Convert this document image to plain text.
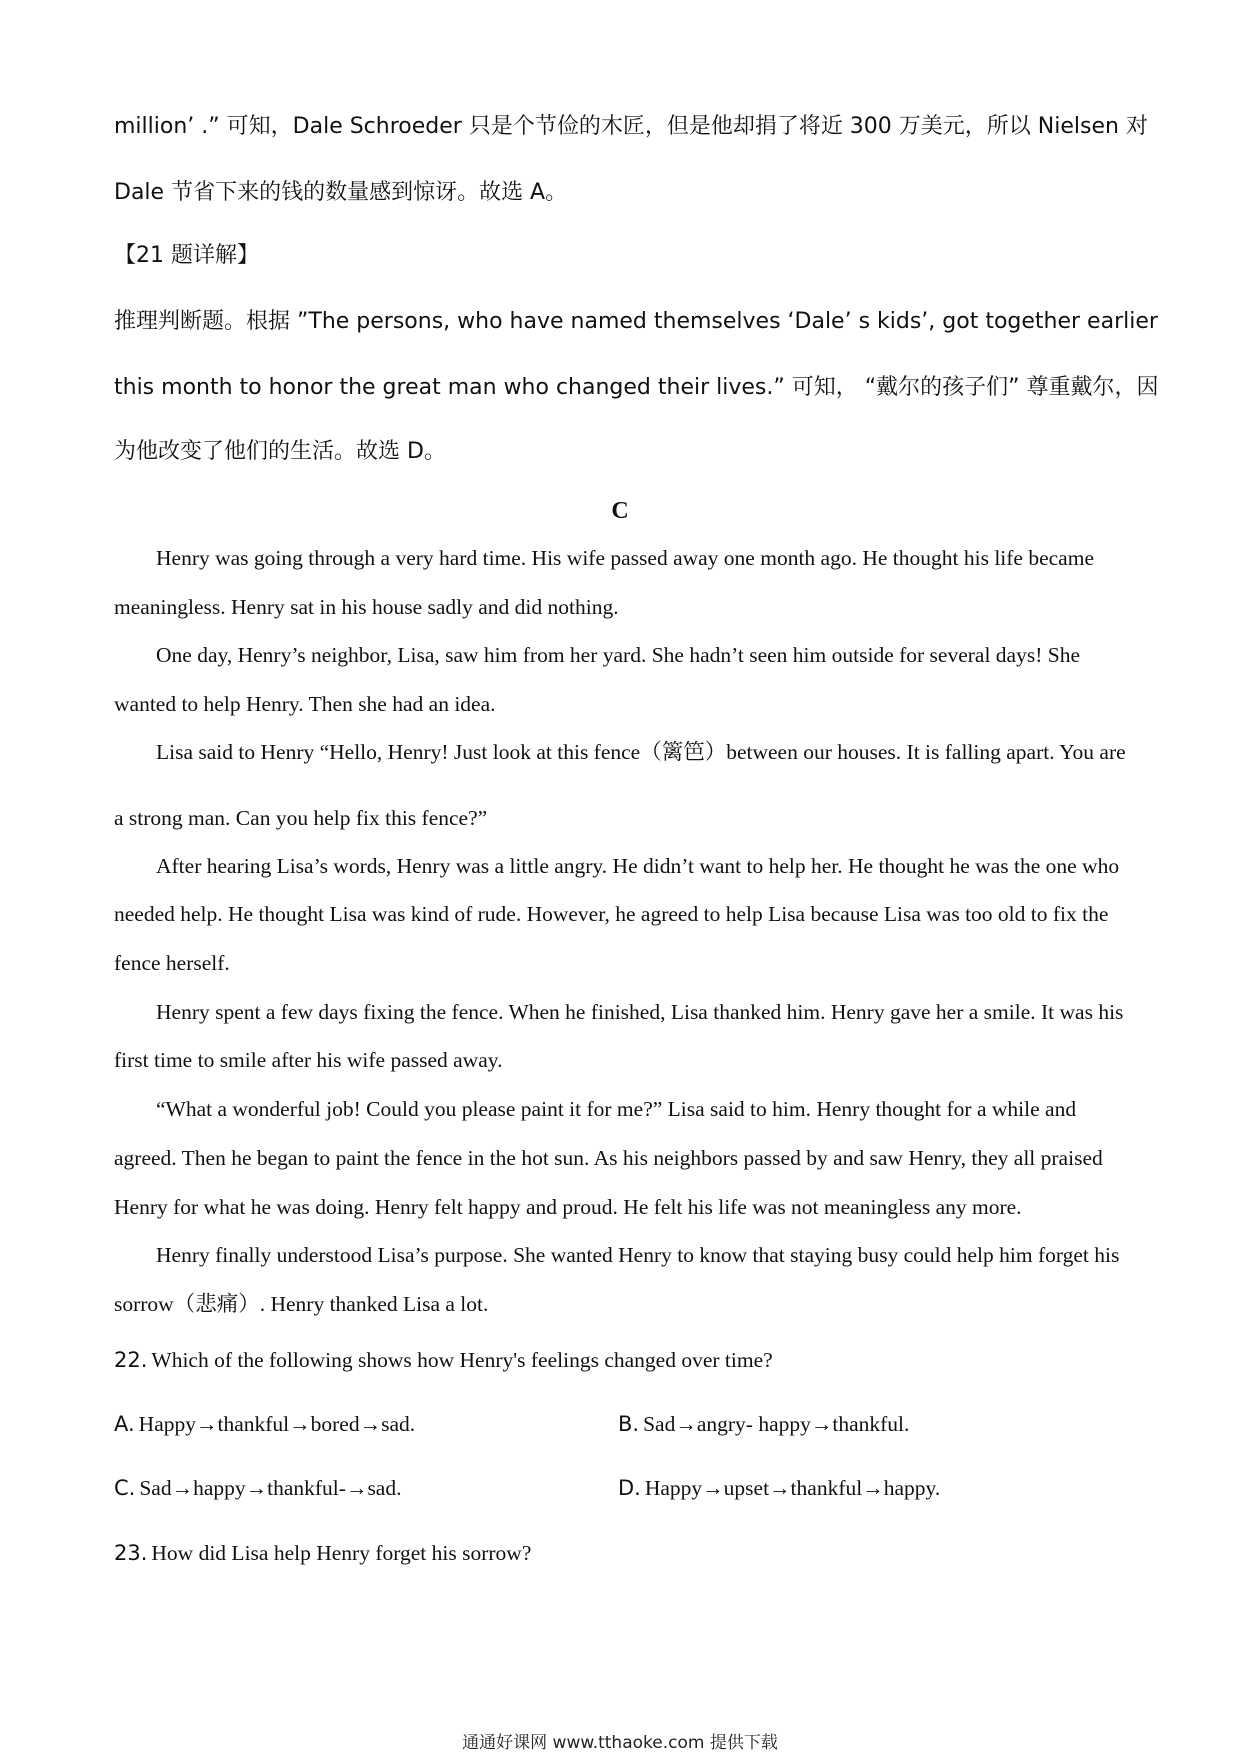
million’ .” 可知，Dale Schroeder 只是个节俭的木匠，但是他却捐了将近 300 万美元，所以 Nielsen 对
Dale 节省下来的钱的数量感到惊讶。故选 A。
【21 题详解】
推理判断题。根据 ”The persons, who have named themselves ‘Dale’ s kids’, got together earlier
this month to honor the great man who changed their lives.” 可知， “戴尔的孩子们” 尊重戴尔，因
为他改变了他们的生活。故选 D。
C
Henry was going through a very hard time. His wife passed away one month ago. He thought his life became
meaningless. Henry sat in his house sadly and did nothing.
One day, Henry’s neighbor, Lisa, saw him from her yard. She hadn’t seen him outside for several days! She
wanted to help Henry. Then she had an idea.
Lisa said to Henry “Hello, Henry! Just look at this fence（篱笆）between our houses. It is falling apart. You are
a strong man. Can you help fix this fence?”
After hearing Lisa’s words, Henry was a little angry. He didn’t want to help her. He thought he was the one who
needed help. He thought Lisa was kind of rude. However, he agreed to help Lisa because Lisa was too old to fix the
fence herself.
Henry spent a few days fixing the fence. When he finished, Lisa thanked him. Henry gave her a smile. It was his
first time to smile after his wife passed away.
“What a wonderful job! Could you please paint it for me?” Lisa said to him. Henry thought for a while and
agreed. Then he began to paint the fence in the hot sun. As his neighbors passed by and saw Henry, they all praised
Henry for what he was doing. Henry felt happy and proud. He felt his life was not meaningless any more.
Henry finally understood Lisa’s purpose. She wanted Henry to know that staying busy could help him forget his
sorrow（悲痛）. Henry thanked Lisa a lot.
22. Which of the following shows how Henry's feelings changed over time?
A. Happy→thankful→bored→sad.	B. Sad→angry- happy→thankful.
C. Sad→happy→thankful-→sad.	D. Happy→upset→thankful→happy.
23. How did Lisa help Henry forget his sorrow?
通通好课网 www.tthaoke.com 提供下载
